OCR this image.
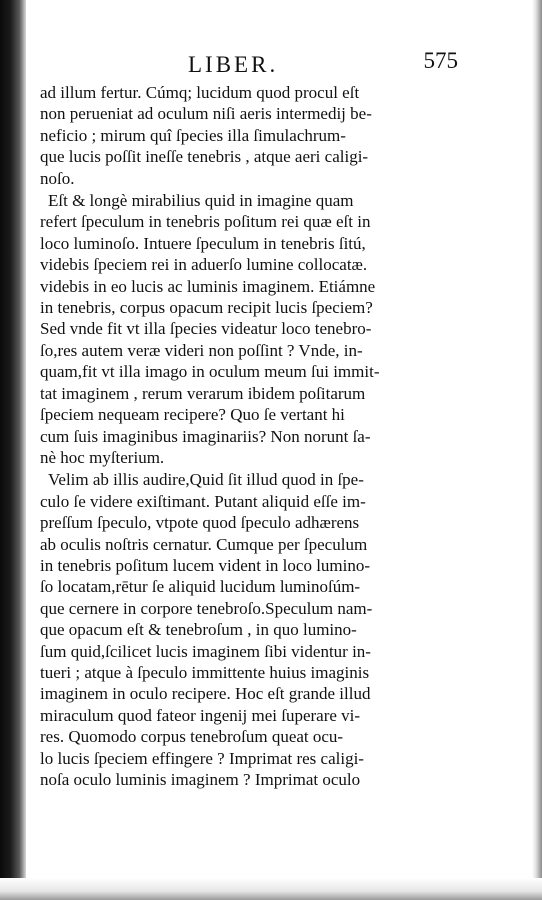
LIBER.	575
ad illum fertur. Cúmq; lucidum quod procul eſt
non perueniat ad oculum niſi aeris intermedij be-
neficio ; mirum quî ſpecies illa ſimulachrum-
que lucis poſſit ineſſe tenebris , atque aeri caligi-
noſo.
Eſt & longè mirabilius quid in imagine quam
refert ſpeculum in tenebris poſitum rei quæ eſt in
loco luminoſo. Intuere ſpeculum in tenebris ſitú,
videbis ſpeciem rei in aduerſo lumine collocatæ.
videbis in eo lucis ac luminis imaginem. Etiámne
in tenebris, corpus opacum recipit lucis ſpeciem?
Sed vnde fit vt illa ſpecies videatur loco tenebro-
ſo,res autem veræ videri non poſſint ? Vnde, in-
quam,fit vt illa imago in oculum meum ſui immit-
tat imaginem , rerum verarum ibidem poſitarum
ſpeciem nequeam recipere? Quo ſe vertant hi
cum ſuis imaginibus imaginariis? Non norunt ſa-
nè hoc myſterium.
Velim ab illis audire,Quid ſit illud quod in ſpe-
culo ſe videre exiſtimant. Putant aliquid eſſe im-
preſſum ſpeculo, vtpote quod ſpeculo adhærens
ab oculis noſtris cernatur. Cumque per ſpeculum
in tenebris poſitum lucem vident in loco lumino-
ſo locatam,rētur ſe aliquid lucidum luminoſúm-
que cernere in corpore tenebroſo.Speculum nam-
que opacum eſt & tenebroſum , in quo lumino-
ſum quid,ſcilicet lucis imaginem ſibi videntur in-
tueri ; atque à ſpeculo immittente huius imaginis
imaginem in oculo recipere. Hoc eſt grande illud
miraculum quod fateor ingenij mei ſuperare vi-
res. Quomodo corpus tenebroſum queat ocu-
lo lucis ſpeciem effingere ? Imprimat res caligi-
noſa oculo luminis imaginem ? Imprimat oculo
